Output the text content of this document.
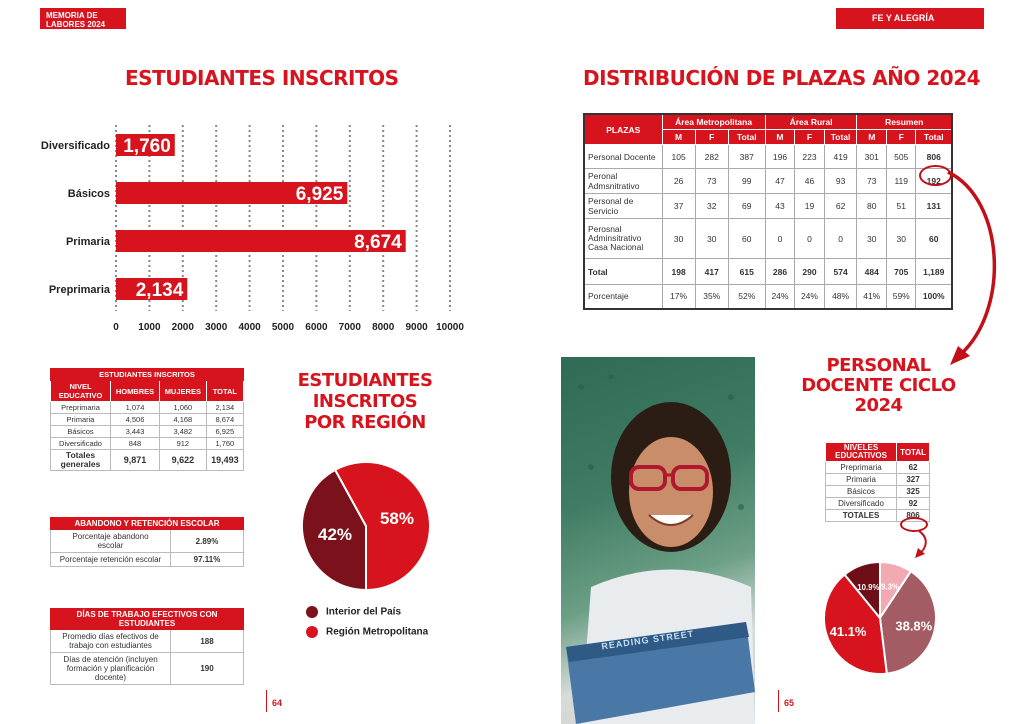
MEMORIA DE
LABORES 2024
FE Y ALEGRÍA GUATEMALA
ESTUDIANTES INSCRITOS
0 1000 2000 3000 4000 5000 6000 7000 8000 9000 10000
Diversificado 1,760
Básicos	6,925
Primaria	8,674
Preprimaria 2,134
ESTUDIANTES INSCRITOS			
NIVEL EDUCATIVO	HOMBRES	MUJERES	TOTAL
Preprimaria	1,074	1,060	2,134
Primaria	4,506	4,168	8,674
Básicos	3,443	3,482	6,925
Diversificado	848	912	1,760
Totales generales	9,871	9,622	19,493
ABANDONO Y RETENCIÓN ESCOLAR	
Porcentaje abandono escolar	2.89%
Porcentaje retención escolar	97.11%
DÍAS DE TRABAJO EFECTIVOS CON ESTUDIANTES	
Promedio días efectivos de trabajo con estudiantes	188
Días de atención (incluyen formación y planificación docente)	190
ESTUDIANTES
INSCRITOS
POR REGIÓN
42%
58%
Interior del País
Región Metropolitana
64
DISTRIBUCIÓN DE PLAZAS AÑO 2024
PLAZAS	Área Metropolitana			Área Rural			Resumen		
	M	F	Total	M	F	Total	M	F	Total
Personal Docente	105	282	387	196	223	419	301	505	806
Peronal Admsnitrativo	26	73	99	47	46	93	73	119	192
Personal de Servicio	37	32	69	43	19	62	80	51	131
Perosnal Adminsitrativo Casa Nacional	30	30	60	0	0	0	30	30	60
Total	198	417	615	286	290	574	484	705	1,189
Porcentaje	17%	35%	52%	24%	24%	48%	41%	59%	100%
READING STREET
65
PERSONAL
DOCENTE CICLO
2024
NIVELES EDUCATIVOS	TOTAL
Preprimaria	62
Primaria	327
Básicos	325
Diversificado	92
TOTALES	806
9.3%
38.8%
41.1%
10.9%
